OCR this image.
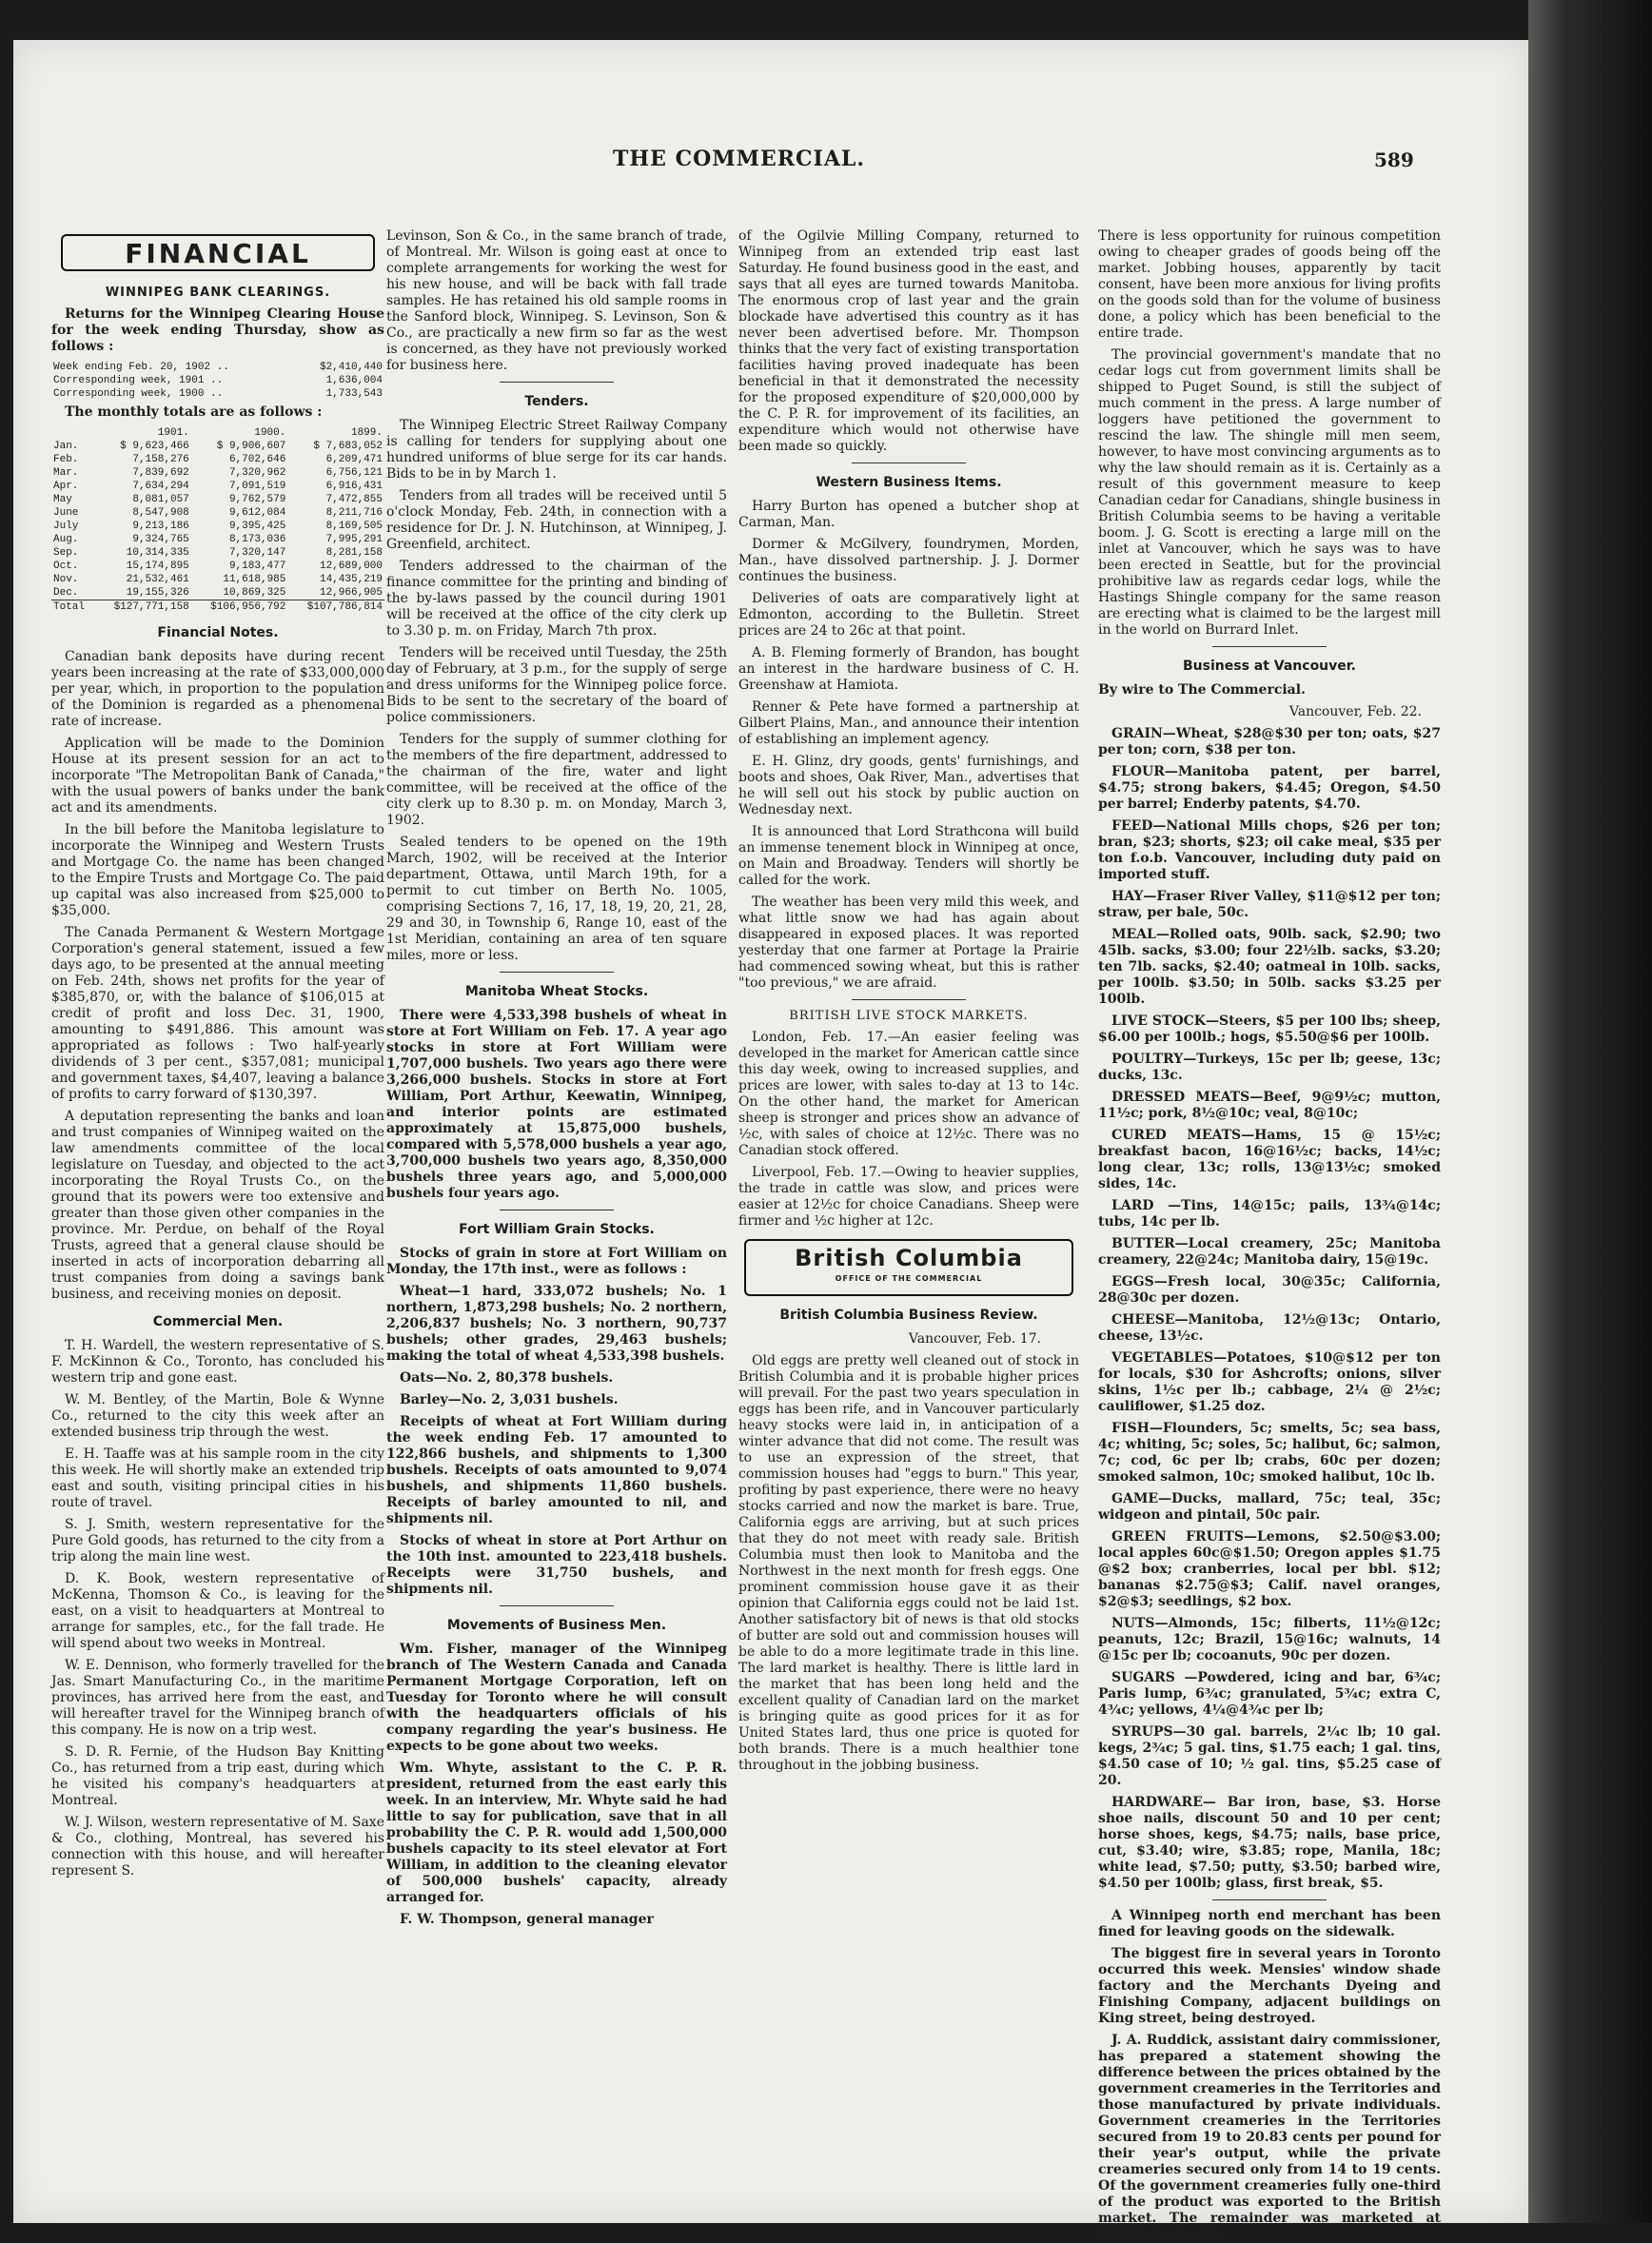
THE COMMERCIAL.	589
FINANCIAL
WINNIPEG BANK CLEARINGS.

Returns for the Winnipeg Clearing House for the week ending Thursday, show as follows :

Week ending Feb. 20, 1902 ..	$2,410,440
Corresponding week, 1901 ..	1,636,004
Corresponding week, 1900 ..	1,733,543

The monthly totals are as follows :

	1901.	1900.	1899.
Jan.	$ 9,623,466	$ 9,906,607	$ 7,683,052
Feb.	7,158,276	6,702,646	6,209,471
Mar.	7,839,692	7,320,962	6,756,121
Apr.	7,634,294	7,091,519	6,916,431
May	8,081,057	9,762,579	7,472,855
June	8,547,908	9,612,084	8,211,716
July	9,213,186	9,395,425	8,169,505
Aug.	9,324,765	8,173,036	7,995,291
Sep.	10,314,335	7,320,147	8,281,158
Oct.	15,174,895	9,183,477	12,689,000
Nov.	21,532,461	11,618,985	14,435,219
Dec.	19,155,326	10,869,325	12,966,905
Total	$127,771,158	$106,956,792	$107,786,814
Financial Notes.

Canadian bank deposits have during recent years been increasing at the rate of $33,000,000 per year, which, in proportion to the population of the Dominion is regarded as a phenomenal rate of increase.

Application will be made to the Dominion House at its present session for an act to incorporate "The Metropolitan Bank of Canada," with the usual powers of banks under the bank act and its amendments.

In the bill before the Manitoba legislature to incorporate the Winnipeg and Western Trusts and Mortgage Co. the name has been changed to the Empire Trusts and Mortgage Co. The paid up capital was also increased from $25,000 to $35,000.

The Canada Permanent & Western Mortgage Corporation's general statement, issued a few days ago, to be presented at the annual meeting on Feb. 24th, shows net profits for the year of $385,870, or, with the balance of $106,015 at credit of profit and loss Dec. 31, 1900, amounting to $491,886. This amount was appropriated as follows : Two half-yearly dividends of 3 per cent., $357,081; municipal and government taxes, $4,407, leaving a balance of profits to carry forward of $130,397.

A deputation representing the banks and loan and trust companies of Winnipeg waited on the law amendments committee of the local legislature on Tuesday, and objected to the act incorporating the Royal Trusts Co., on the ground that its powers were too extensive and greater than those given other companies in the province. Mr. Perdue, on behalf of the Royal Trusts, agreed that a general clause should be inserted in acts of incorporation debarring all trust companies from doing a savings bank business, and receiving monies on deposit.

Commercial Men.

T. H. Wardell, the western representative of S. F. McKinnon & Co., Toronto, has concluded his western trip and gone east.

W. M. Bentley, of the Martin, Bole & Wynne Co., returned to the city this week after an extended business trip through the west.

E. H. Taaffe was at his sample room in the city this week. He will shortly make an extended trip east and south, visiting principal cities in his route of travel.

S. J. Smith, western representative for the Pure Gold goods, has returned to the city from a trip along the main line west.

D. K. Book, western representative of McKenna, Thomson & Co., is leaving for the east, on a visit to headquarters at Montreal to arrange for samples, etc., for the fall trade. He will spend about two weeks in Montreal.

W. E. Dennison, who formerly travelled for the Jas. Smart Manufacturing Co., in the maritime provinces, has arrived here from the east, and will hereafter travel for the Winnipeg branch of this company. He is now on a trip west.

S. D. R. Fernie, of the Hudson Bay Knitting Co., has returned from a trip east, during which he visited his company's headquarters at Montreal.

W. J. Wilson, western representative of M. Saxe & Co., clothing, Montreal, has severed his connection with this house, and will hereafter represent S.

Levinson, Son & Co., in the same branch of trade, of Montreal. Mr. Wilson is going east at once to complete arrangements for working the west for his new house, and will be back with fall trade samples. He has retained his old sample rooms in the Sanford block, Winnipeg. S. Levinson, Son & Co., are practically a new firm so far as the west is concerned, as they have not previously worked for business here.

Tenders.

The Winnipeg Electric Street Railway Company is calling for tenders for supplying about one hundred uniforms of blue serge for its car hands. Bids to be in by March 1.

Tenders from all trades will be received until 5 o'clock Monday, Feb. 24th, in connection with a residence for Dr. J. N. Hutchinson, at Winnipeg, J. Greenfield, architect.

Tenders addressed to the chairman of the finance committee for the printing and binding of the by-laws passed by the council during 1901 will be received at the office of the city clerk up to 3.30 p. m. on Friday, March 7th prox.

Tenders will be received until Tuesday, the 25th day of February, at 3 p.m., for the supply of serge and dress uniforms for the Winnipeg police force. Bids to be sent to the secretary of the board of police commissioners.

Tenders for the supply of summer clothing for the members of the fire department, addressed to the chairman of the fire, water and light committee, will be received at the office of the city clerk up to 8.30 p. m. on Monday, March 3, 1902.

Sealed tenders to be opened on the 19th March, 1902, will be received at the Interior department, Ottawa, until March 19th, for a permit to cut timber on Berth No. 1005, comprising Sections 7, 16, 17, 18, 19, 20, 21, 28, 29 and 30, in Township 6, Range 10, east of the 1st Meridian, containing an area of ten square miles, more or less.

Manitoba Wheat Stocks.

There were 4,533,398 bushels of wheat in store at Fort William on Feb. 17. A year ago stocks in store at Fort William were 1,707,000 bushels. Two years ago there were 3,266,000 bushels. Stocks in store at Fort William, Port Arthur, Keewatin, Winnipeg, and interior points are estimated approximately at 15,875,000 bushels, compared with 5,578,000 bushels a year ago, 3,700,000 bushels two years ago, 8,350,000 bushels three years ago, and 5,000,000 bushels four years ago.

Fort William Grain Stocks.

Stocks of grain in store at Fort William on Monday, the 17th inst., were as follows :

Wheat—1 hard, 333,072 bushels; No. 1 northern, 1,873,298 bushels; No. 2 northern, 2,206,837 bushels; No. 3 northern, 90,737 bushels; other grades, 29,463 bushels; making the total of wheat 4,533,398 bushels.

Oats—No. 2, 80,378 bushels.

Barley—No. 2, 3,031 bushels.

Receipts of wheat at Fort William during the week ending Feb. 17 amounted to 122,866 bushels, and shipments to 1,300 bushels. Receipts of oats amounted to 9,074 bushels, and shipments 11,860 bushels. Receipts of barley amounted to nil, and shipments nil.

Stocks of wheat in store at Port Arthur on the 10th inst. amounted to 223,418 bushels. Receipts were 31,750 bushels, and shipments nil.

Movements of Business Men.

Wm. Fisher, manager of the Winnipeg branch of The Western Canada and Canada Permanent Mortgage Corporation, left on Tuesday for Toronto where he will consult with the headquarters officials of his company regarding the year's business. He expects to be gone about two weeks.

Wm. Whyte, assistant to the C. P. R. president, returned from the east early this week. In an interview, Mr. Whyte said he had little to say for publication, save that in all probability the C. P. R. would add 1,500,000 bushels capacity to its steel elevator at Fort William, in addition to the cleaning elevator of 500,000 bushels' capacity, already arranged for.

F. W. Thompson, general manager

of the Ogilvie Milling Company, returned to Winnipeg from an extended trip east last Saturday. He found business good in the east, and says that all eyes are turned towards Manitoba. The enormous crop of last year and the grain blockade have advertised this country as it has never been advertised before. Mr. Thompson thinks that the very fact of existing transportation facilities having proved inadequate has been beneficial in that it demonstrated the necessity for the proposed expenditure of $20,000,000 by the C. P. R. for improvement of its facilities, an expenditure which would not otherwise have been made so quickly.

Western Business Items.

Harry Burton has opened a butcher shop at Carman, Man.

Dormer & McGilvery, foundrymen, Morden, Man., have dissolved partnership. J. J. Dormer continues the business.

Deliveries of oats are comparatively light at Edmonton, according to the Bulletin. Street prices are 24 to 26c at that point.

A. B. Fleming formerly of Brandon, has bought an interest in the hardware business of C. H. Greenshaw at Hamiota.

Renner & Pete have formed a partnership at Gilbert Plains, Man., and announce their intention of establishing an implement agency.

E. H. Glinz, dry goods, gents' furnishings, and boots and shoes, Oak River, Man., advertises that he will sell out his stock by public auction on Wednesday next.

It is announced that Lord Strathcona will build an immense tenement block in Winnipeg at once, on Main and Broadway. Tenders will shortly be called for the work.

The weather has been very mild this week, and what little snow we had has again about disappeared in exposed places. It was reported yesterday that one farmer at Portage la Prairie had commenced sowing wheat, but this is rather "too previous," we are afraid.

BRITISH LIVE STOCK MARKETS.

London, Feb. 17.—An easier feeling was developed in the market for American cattle since this day week, owing to increased supplies, and prices are lower, with sales to-day at 13 to 14c. On the other hand, the market for American sheep is stronger and prices show an advance of ½c, with sales of choice at 12½c. There was no Canadian stock offered.

Liverpool, Feb. 17.—Owing to heavier supplies, the trade in cattle was slow, and prices were easier at 12½c for choice Canadians. Sheep were firmer and ½c higher at 12c.

British Columbia
OFFICE OF THE COMMERCIAL
British Columbia Business Review.

Vancouver, Feb. 17.

Old eggs are pretty well cleaned out of stock in British Columbia and it is probable higher prices will prevail. For the past two years speculation in eggs has been rife, and in Vancouver particularly heavy stocks were laid in, in anticipation of a winter advance that did not come. The result was to use an expression of the street, that commission houses had "eggs to burn." This year, profiting by past experience, there were no heavy stocks carried and now the market is bare. True, California eggs are arriving, but at such prices that they do not meet with ready sale. British Columbia must then look to Manitoba and the Northwest in the next month for fresh eggs. One prominent commission house gave it as their opinion that California eggs could not be laid 1st. Another satisfactory bit of news is that old stocks of butter are sold out and commission houses will be able to do a more legitimate trade in this line. The lard market is healthy. There is little lard in the market that has been long held and the excellent quality of Canadian lard on the market is bringing quite as good prices for it as for United States lard, thus one price is quoted for both brands. There is a much healthier tone throughout in the jobbing business.

There is less opportunity for ruinous competition owing to cheaper grades of goods being off the market. Jobbing houses, apparently by tacit consent, have been more anxious for living profits on the goods sold than for the volume of business done, a policy which has been beneficial to the entire trade.

The provincial government's mandate that no cedar logs cut from government limits shall be shipped to Puget Sound, is still the subject of much comment in the press. A large number of loggers have petitioned the government to rescind the law. The shingle mill men seem, however, to have most convincing arguments as to why the law should remain as it is. Certainly as a result of this government measure to keep Canadian cedar for Canadians, shingle business in British Columbia seems to be having a veritable boom. J. G. Scott is erecting a large mill on the inlet at Vancouver, which he says was to have been erected in Seattle, but for the provincial prohibitive law as regards cedar logs, while the Hastings Shingle company for the same reason are erecting what is claimed to be the largest mill in the world on Burrard Inlet.

Business at Vancouver.

By wire to The Commercial.

Vancouver, Feb. 22.

GRAIN—Wheat, $28@$30 per ton; oats, $27 per ton; corn, $38 per ton.

FLOUR—Manitoba patent, per barrel, $4.75; strong bakers, $4.45; Oregon, $4.50 per barrel; Enderby patents, $4.70.

FEED—National Mills chops, $26 per ton; bran, $23; shorts, $23; oil cake meal, $35 per ton f.o.b. Vancouver, including duty paid on imported stuff.

HAY—Fraser River Valley, $11@$12 per ton; straw, per bale, 50c.

MEAL—Rolled oats, 90lb. sack, $2.90; two 45lb. sacks, $3.00; four 22½lb. sacks, $3.20; ten 7lb. sacks, $2.40; oatmeal in 10lb. sacks, per 100lb. $3.50; in 50lb. sacks $3.25 per 100lb.

LIVE STOCK—Steers, $5 per 100 lbs; sheep, $6.00 per 100lb.; hogs, $5.50@$6 per 100lb.

POULTRY—Turkeys, 15c per lb; geese, 13c; ducks, 13c.

DRESSED MEATS—Beef, 9@9½c; mutton, 11½c; pork, 8½@10c; veal, 8@10c;

CURED MEATS—Hams, 15 @ 15½c; breakfast bacon, 16@16½c; backs, 14½c; long clear, 13c; rolls, 13@13½c; smoked sides, 14c.

LARD —Tins, 14@15c; pails, 13¾@14c; tubs, 14c per lb.

BUTTER—Local creamery, 25c; Manitoba creamery, 22@24c; Manitoba dairy, 15@19c.

EGGS—Fresh local, 30@35c; California, 28@30c per dozen.

CHEESE—Manitoba, 12½@13c; Ontario, cheese, 13½c.

VEGETABLES—Potatoes, $10@$12 per ton for locals, $30 for Ashcrofts; onions, silver skins, 1½c per lb.; cabbage, 2¼ @ 2½c; cauliflower, $1.25 doz.

FISH—Flounders, 5c; smelts, 5c; sea bass, 4c; whiting, 5c; soles, 5c; halibut, 6c; salmon, 7c; cod, 6c per lb; crabs, 60c per dozen; smoked salmon, 10c; smoked halibut, 10c lb.

GAME—Ducks, mallard, 75c; teal, 35c; widgeon and pintail, 50c pair.

GREEN FRUITS—Lemons, $2.50@$3.00; local apples 60c@$1.50; Oregon apples $1.75 @$2 box; cranberries, local per bbl. $12; bananas $2.75@$3; Calif. navel oranges, $2@$3; seedlings, $2 box.

NUTS—Almonds, 15c; filberts, 11½@12c; peanuts, 12c; Brazil, 15@16c; walnuts, 14 @15c per lb; cocoanuts, 90c per dozen.

SUGARS —Powdered, icing and bar, 6¾c; Paris lump, 6¾c; granulated, 5¾c; extra C, 4¾c; yellows, 4¼@4¾c per lb;

SYRUPS—30 gal. barrels, 2¼c lb; 10 gal. kegs, 2¾c; 5 gal. tins, $1.75 each; 1 gal. tins, $4.50 case of 10; ½ gal. tins, $5.25 case of 20.

HARDWARE— Bar iron, base, $3. Horse shoe nails, discount 50 and 10 per cent; horse shoes, kegs, $4.75; nails, base price, cut, $3.40; wire, $3.85; rope, Manila, 18c; white lead, $7.50; putty, $3.50; barbed wire, $4.50 per 100lb; glass, first break, $5.

A Winnipeg north end merchant has been fined for leaving goods on the sidewalk.

The biggest fire in several years in Toronto occurred this week. Mensies' window shade factory and the Merchants Dyeing and Finishing Company, adjacent buildings on King street, being destroyed.

J. A. Ruddick, assistant dairy commissioner, has prepared a statement showing the difference between the prices obtained by the government creameries in the Territories and those manufactured by private individuals. Government creameries in the Territories secured from 19 to 20.83 cents per pound for their year's output, while the private creameries secured only from 14 to 19 cents. Of the government creameries fully one-third of the product was exported to the British market. The remainder was marketed at British Columbia.
